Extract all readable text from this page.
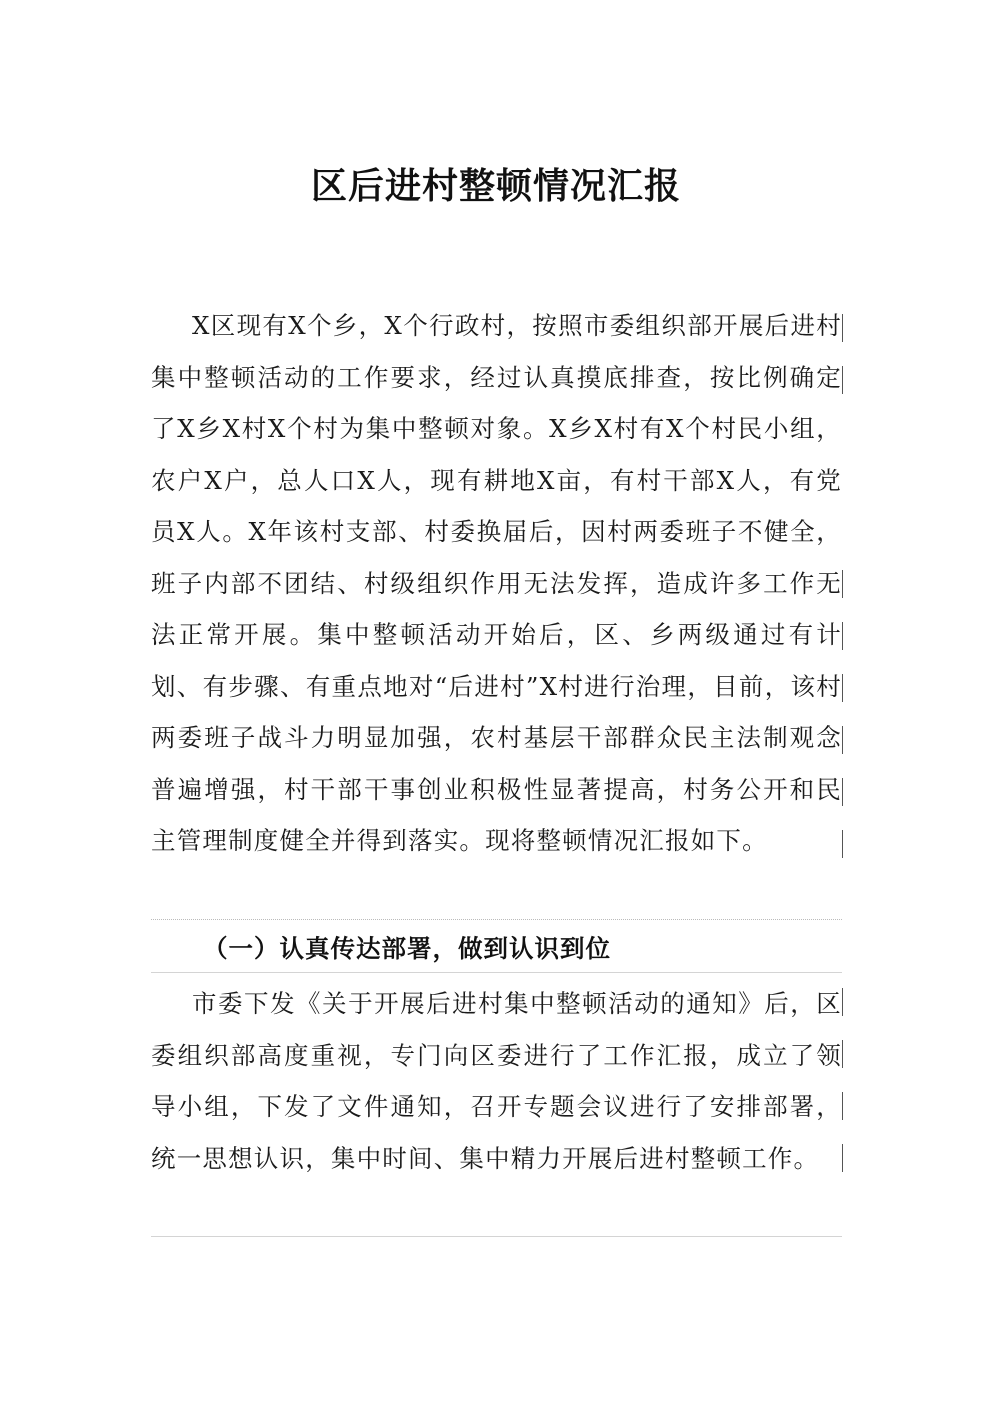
区后进村整顿情况汇报

X区现有X个乡，X个行政村，按照市委组织部开展后进村集中整顿活动的工作要求，经过认真摸底排查，按比例确定了X乡X村X个村为集中整顿对象。X乡X村有X个村民小组，农户X户，总人口X人，现有耕地X亩，有村干部X人，有党员X人。X年该村支部、村委换届后，因村两委班子不健全，班子内部不团结、村级组织作用无法发挥，造成许多工作无法正常开展。集中整顿活动开始后，区、乡两级通过有计划、有步骤、有重点地对“后进村”X村进行治理，目前，该村两委班子战斗力明显加强，农村基层干部群众民主法制观念普遍增强，村干部干事创业积极性显著提高，村务公开和民主管理制度健全并得到落实。现将整顿情况汇报如下。

（一）认真传达部署，做到认识到位

市委下发《关于开展后进村集中整顿活动的通知》后，区委组织部高度重视，专门向区委进行了工作汇报，成立了领导小组，下发了文件通知，召开专题会议进行了安排部署，统一思想认识，集中时间、集中精力开展后进村整顿工作。
